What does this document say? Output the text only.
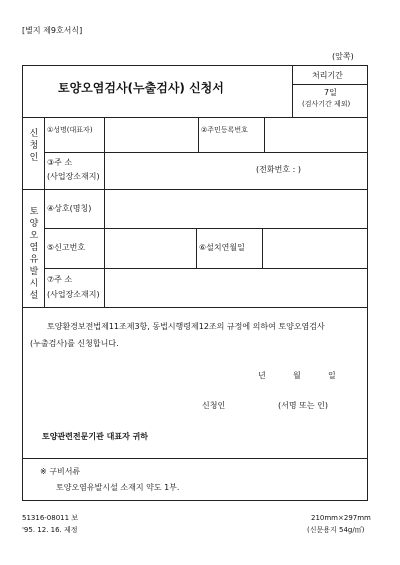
[별지 제9호서식]
(앞쪽)
토양오염검사(누출검사) 신청서
처리기간
7일
(검사기간 제외)
신청인
①성명(대표자)	②주민등록번호
③주 소
(사업장소재지)
(전화번호 : )
토양오염유발시설
④상호(명칭)
⑤신고번호	⑥설치연월일
⑦주 소
(사업장소재지)
토양환경보전법제11조제3항, 동법시행령제12조의 규정에 의하여 토양오염검사
(누출검사)를 신청합니다.
년	월	일
신청인	(서명 또는 인)
토양관련전문기관 대표자 귀하
※ 구비서류
토양오염유발시설 소재지 약도 1부.
51316-08011 보
'95. 12. 16. 제정
210mm×297mm
(신문용지 54g/㎡)
